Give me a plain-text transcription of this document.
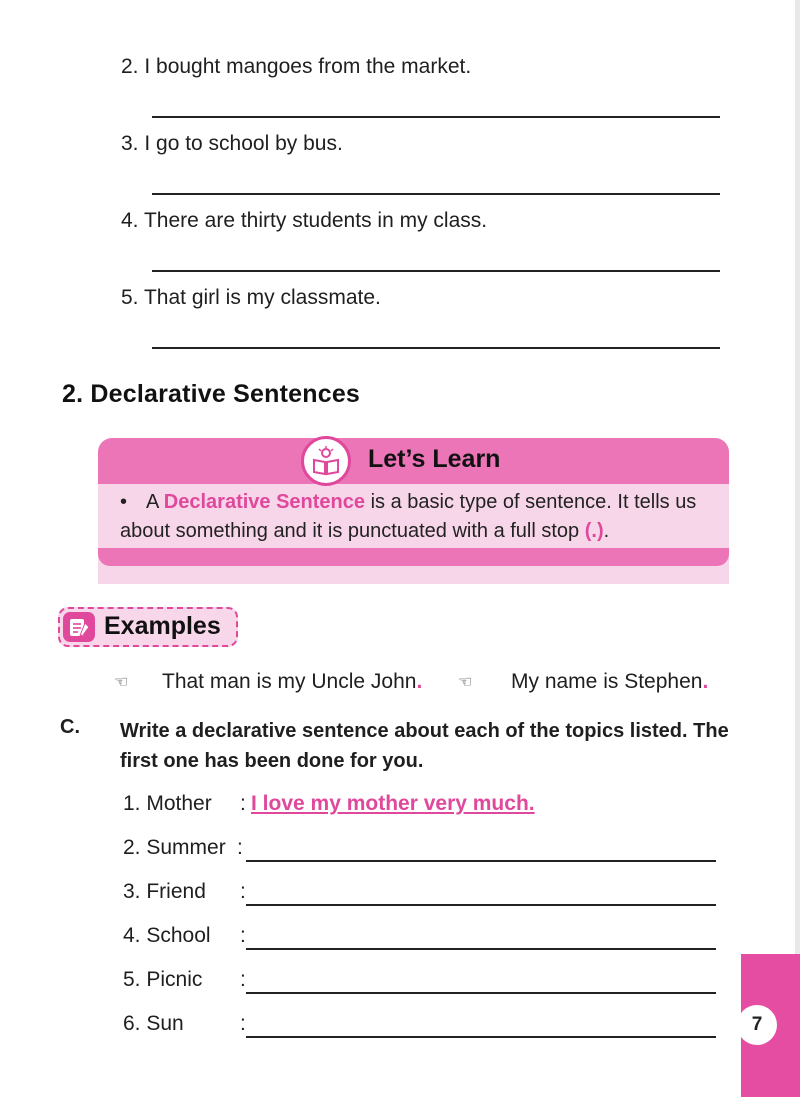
2. I bought mangoes from the market.
3. I go to school by bus.
4. There are thirty students in my class.
5. That girl is my classmate.
2. Declarative Sentences
Let’s Learn
• A Declarative Sentence is a basic type of sentence. It tells us about something and it is punctuated with a full stop (.).
Examples
☜ That man is my Uncle John. ☜ My name is Stephen.
C. Write a declarative sentence about each of the topics listed. The first one has been done for you.
1. Mother : I love my mother very much.
2. Summer :
3. Friend :
4. School :
5. Picnic :
6. Sun	:	7
